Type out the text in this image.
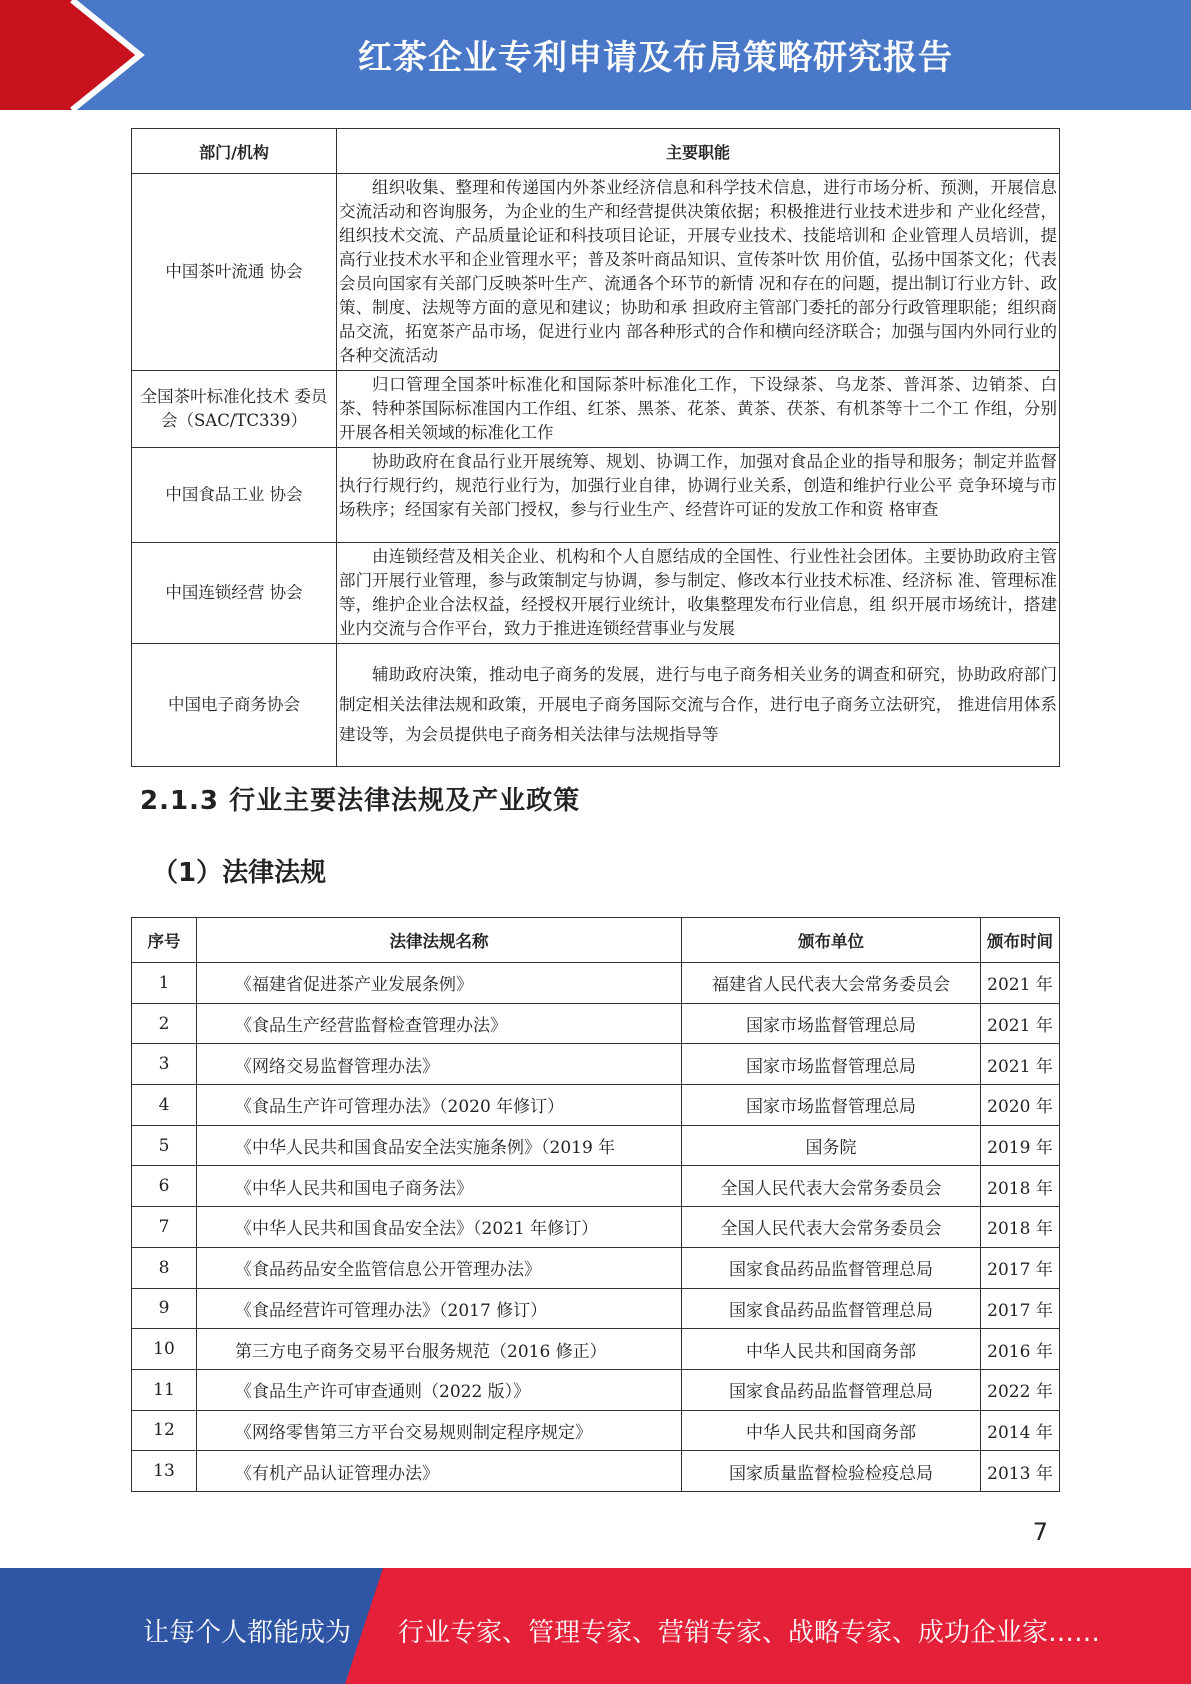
红茶企业专利申请及布局策略研究报告
部门/机构	主要职能
中国茶叶流通 协会	组织收集、整理和传递国内外茶业经济信息和科学技术信息，进行市场分析、预测，开展信息交流活动和咨询服务，为企业的生产和经营提供决策依据；积极推进行业技术进步和 产业化经营，组织技术交流、产品质量论证和科技项目论证，开展专业技术、技能培训和 企业管理人员培训，提高行业技术水平和企业管理水平；普及茶叶商品知识、宣传茶叶饮 用价值，弘扬中国茶文化；代表会员向国家有关部门反映茶叶生产、流通各个环节的新情 况和存在的问题，提出制订行业方针、政策、制度、法规等方面的意见和建议；协助和承 担政府主管部门委托的部分行政管理职能；组织商品交流，拓宽茶产品市场，促进行业内 部各种形式的合作和横向经济联合；加强与国内外同行业的各种交流活动
全国茶叶标准化技术 委员会（SAC/TC339）	归口管理全国茶叶标准化和国际茶叶标准化工作，下设绿茶、乌龙茶、普洱茶、边销茶、白茶、特种茶国际标准国内工作组、红茶、黑茶、花茶、黄茶、茯茶、有机茶等十二个工 作组，分别开展各相关领域的标准化工作
中国食品工业 协会	协助政府在食品行业开展统筹、规划、协调工作，加强对食品企业的指导和服务；制定并监督执行行规行约，规范行业行为，加强行业自律，协调行业关系，创造和维护行业公平 竞争环境与市场秩序；经国家有关部门授权，参与行业生产、经营许可证的发放工作和资 格审查
中国连锁经营 协会	由连锁经营及相关企业、机构和个人自愿结成的全国性、行业性社会团体。主要协助政府主管部门开展行业管理，参与政策制定与协调，参与制定、修改本行业技术标准、经济标 准、管理标准等，维护企业合法权益，经授权开展行业统计，收集整理发布行业信息，组 织开展市场统计，搭建业内交流与合作平台，致力于推进连锁经营事业与发展
中国电子商务协会	辅助政府决策，推动电子商务的发展，进行与电子商务相关业务的调查和研究，协助政府部门制定相关法律法规和政策，开展电子商务国际交流与合作，进行电子商务立法研究， 推进信用体系建设等，为会员提供电子商务相关法律与法规指导等
2.1.3 行业主要法律法规及产业政策
（1）法律法规
序号	法律法规名称	颁布单位	颁布时间
1	《福建省促进茶产业发展条例》	福建省人民代表大会常务委员会	2021 年
2	《食品生产经营监督检查管理办法》	国家市场监督管理总局	2021 年
3	《网络交易监督管理办法》	国家市场监督管理总局	2021 年
4	《食品生产许可管理办法》（2020 年修订）	国家市场监督管理总局	2020 年
5	《中华人民共和国食品安全法实施条例》（2019 年	国务院	2019 年
6	《中华人民共和国电子商务法》	全国人民代表大会常务委员会	2018 年
7	《中华人民共和国食品安全法》（2021 年修订）	全国人民代表大会常务委员会	2018 年
8	《食品药品安全监管信息公开管理办法》	国家食品药品监督管理总局	2017 年
9	《食品经营许可管理办法》（2017 修订）	国家食品药品监督管理总局	2017 年
10	第三方电子商务交易平台服务规范（2016 修正）	中华人民共和国商务部	2016 年
11	《食品生产许可审查通则（2022 版）》	国家食品药品监督管理总局	2022 年
12	《网络零售第三方平台交易规则制定程序规定》	中华人民共和国商务部	2014 年
13	《有机产品认证管理办法》	国家质量监督检验检疫总局	2013 年
7
让每个人都能成为 行业专家、管理专家、营销专家、战略专家、成功企业家……
